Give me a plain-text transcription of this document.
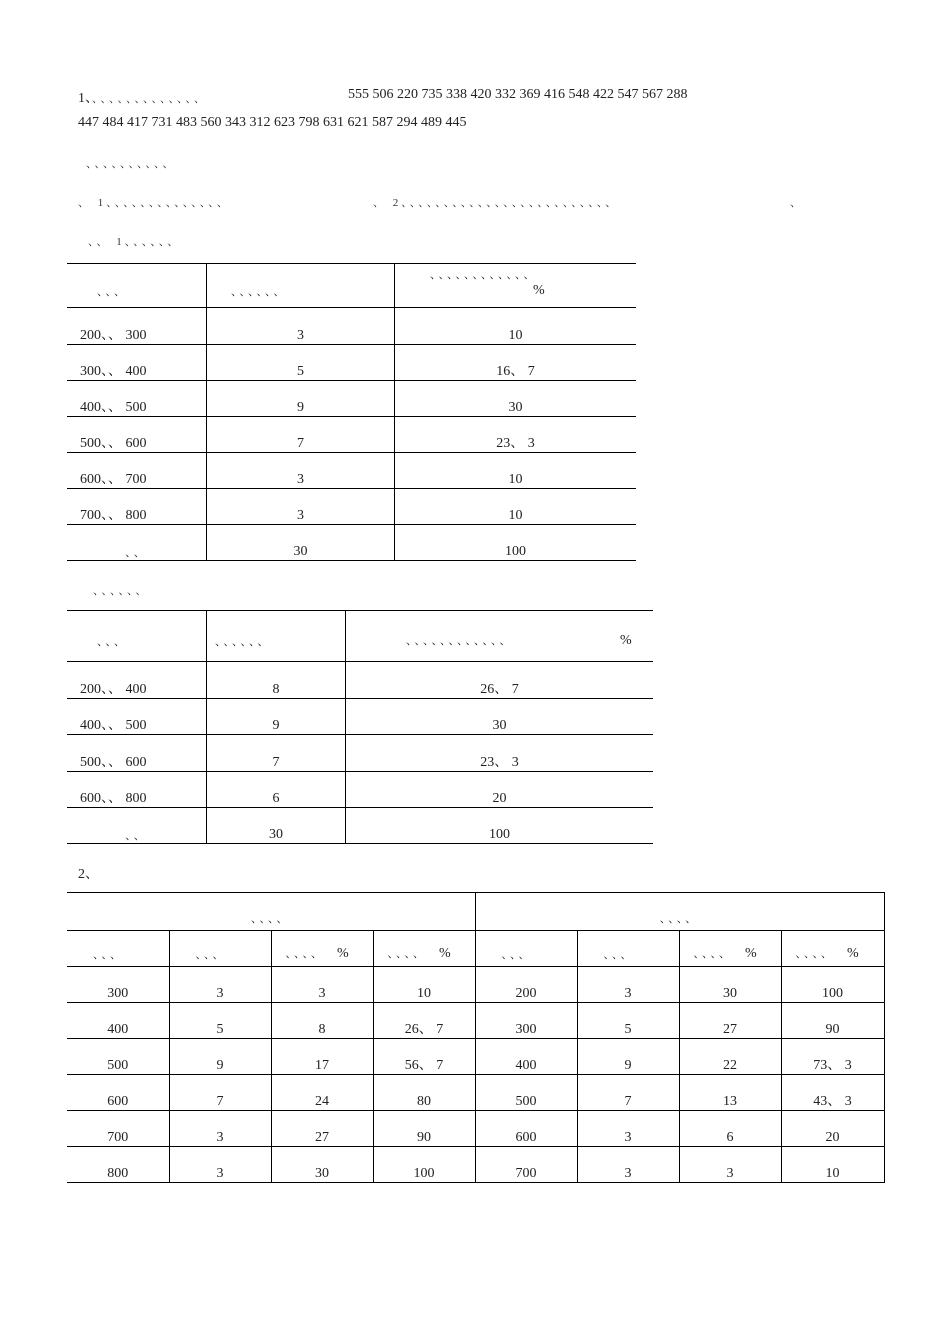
1、、、、、、、、、、、、、、	555 506 220 735 338 420 332 369 416 548 422 547 567 288
447 484 417 731 483 560 343 312 623 798 631 621 587 294 489 445
、、、、、、、、、、
、 1、、、、、、、、、、、、、、	、 2、、、、、、、、、、、、、、、、、、、、、、、、、	、
、、 1、、、、、、
、、、	、、、、、、	、、、、、、、、、、、、 %
200、、 300	3	10
300、、 400	5	16、 7
400、、 500	9	30
500、、 600	7	23、 3
600、、 700	3	10
700、、 800	3	10
、、	30	100
、、、、、、
、、、	、、、、、、	、、、、、、、、、、、、 %
200、、 400	8	26、 7
400、、 500	9	30
500、、 600	7	23、 3
600、、 800	6	20
、、	30	100
2、
、、、、				、、、、			
、、、	、、、	、、、、 %	、、、、 %	、、、	、、、	、、、、 %	、、、、 %
300	3	3	10	200	3	30	100
400	5	8	26、 7	300	5	27	90
500	9	17	56、 7	400	9	22	73、 3
600	7	24	80	500	7	13	43、 3
700	3	27	90	600	3	6	20
800	3	30	100	700	3	3	10
